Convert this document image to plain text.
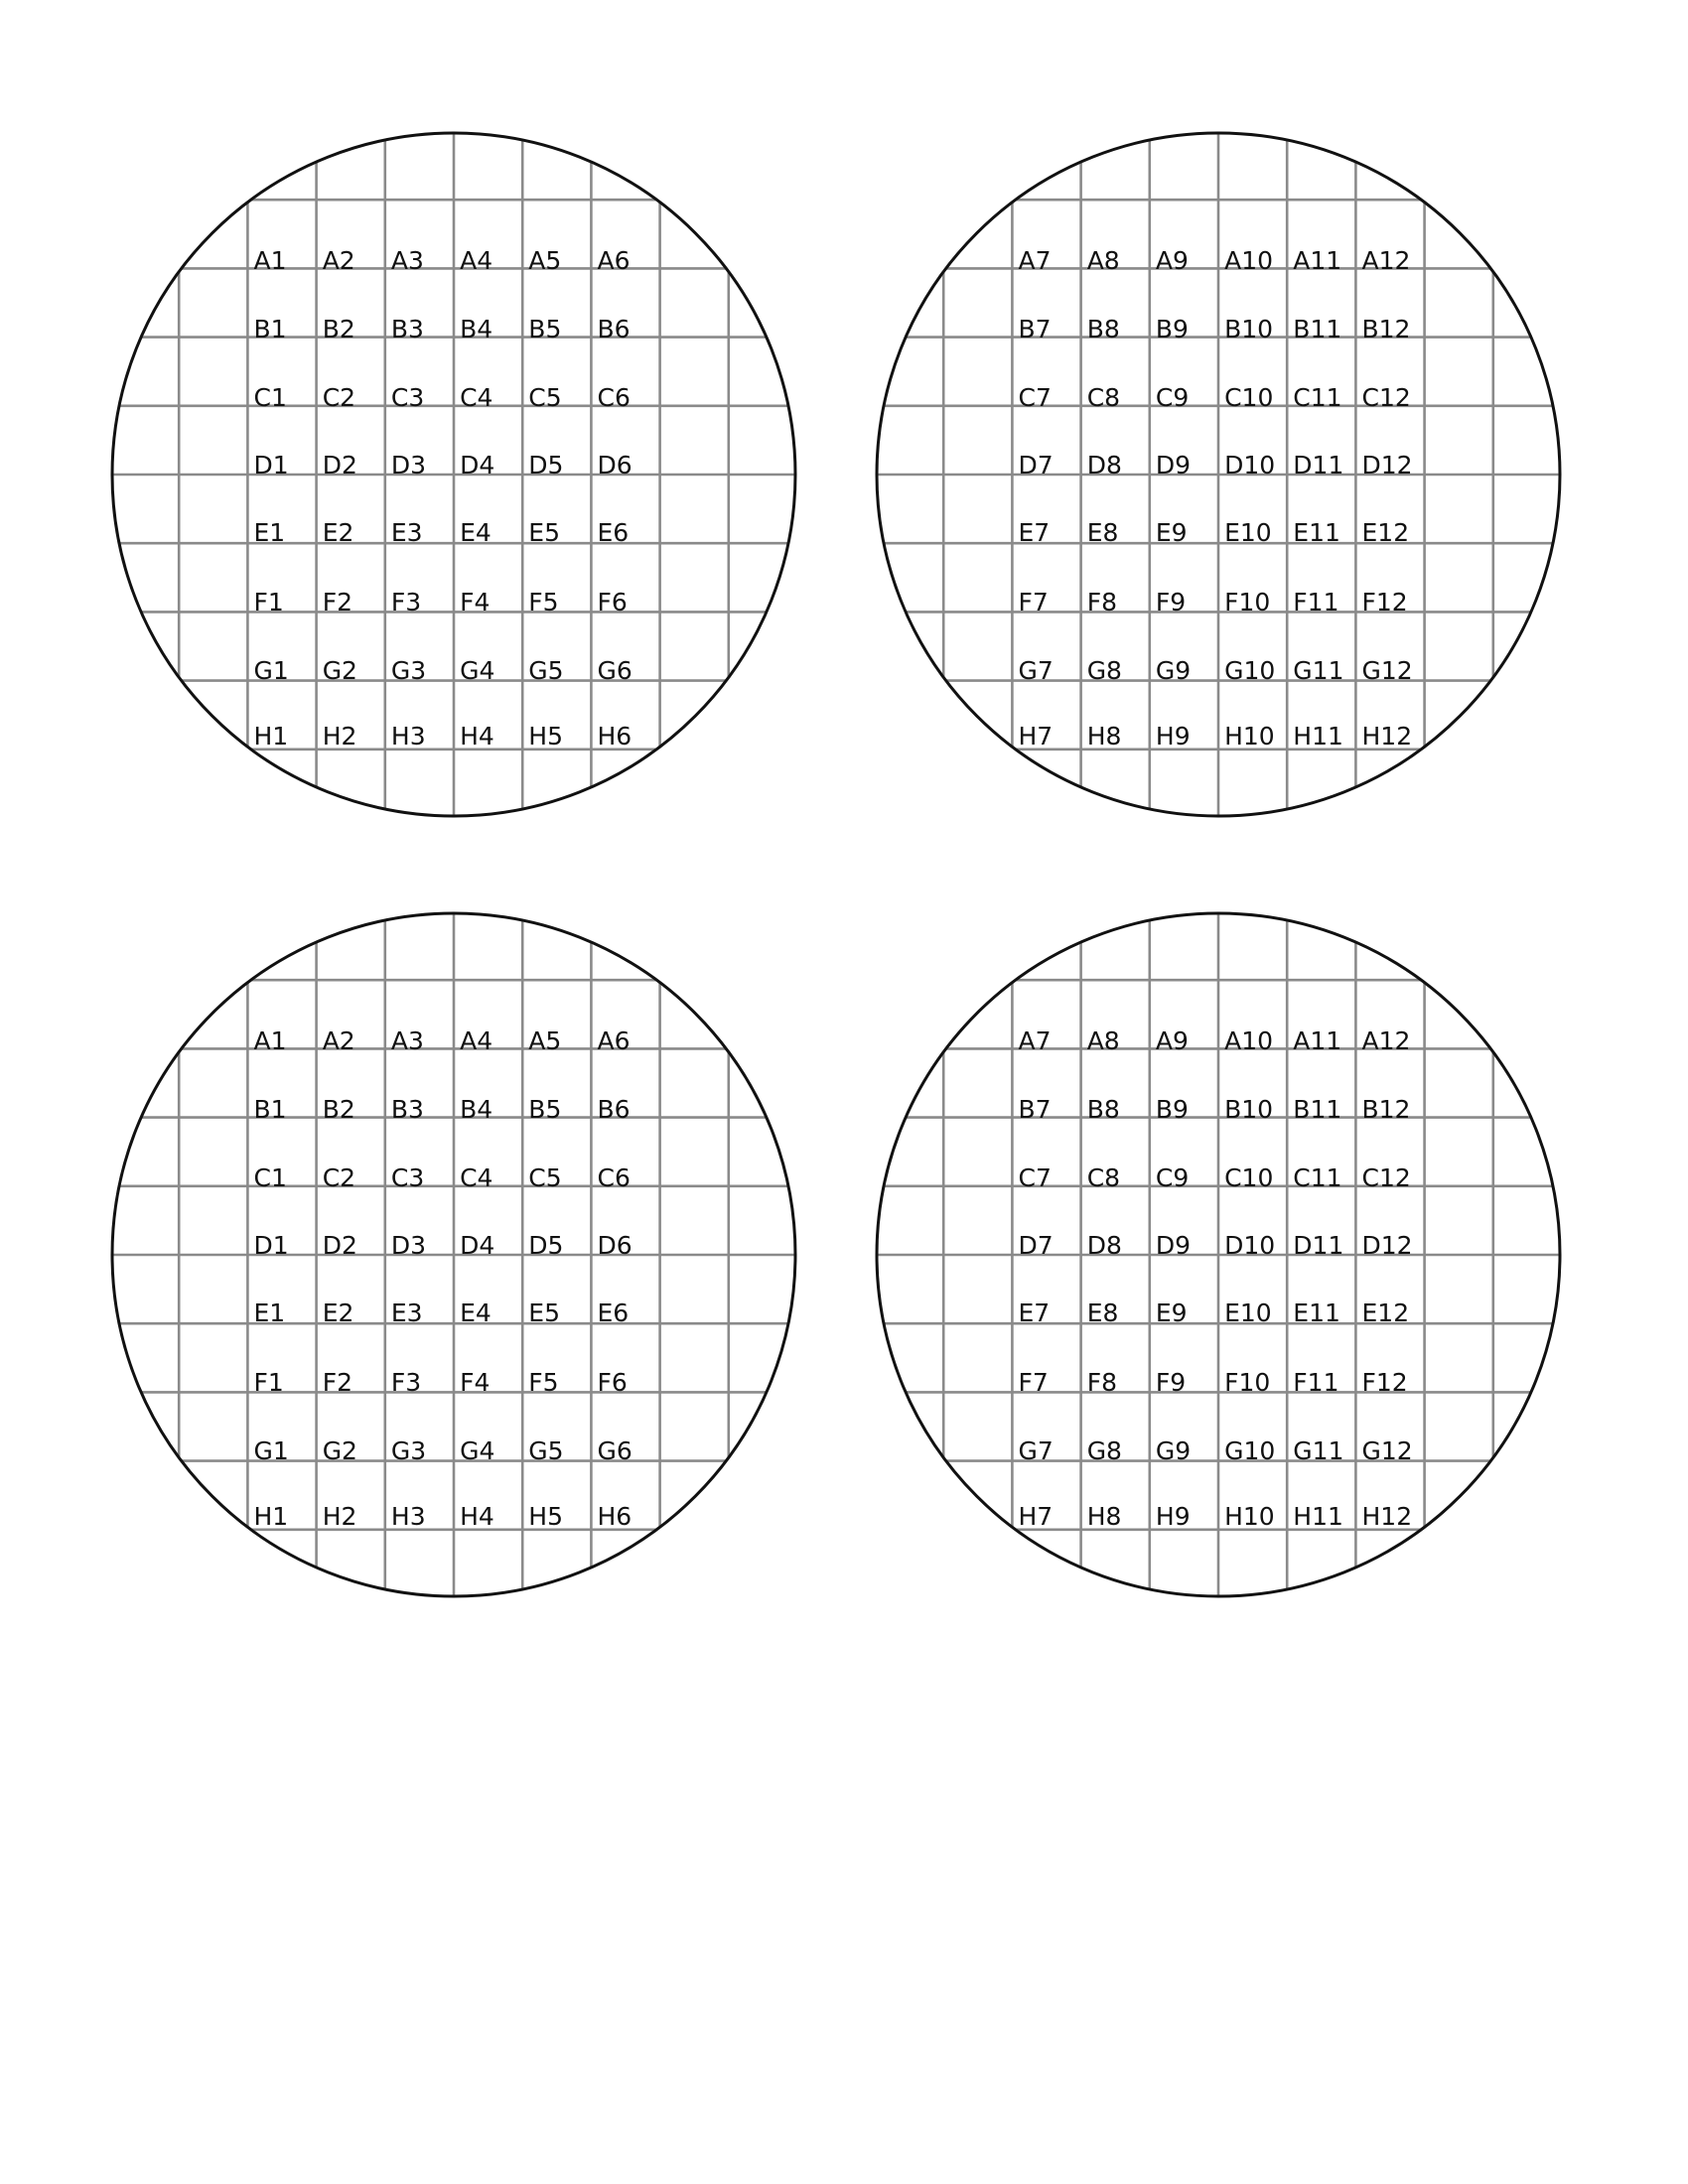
A1 A2 A3 A4 A5 A6
B1 B2 B3 B4 B5 B6
C1 C2 C3 C4 C5 C6
D1 D2 D3 D4 D5 D6
E1 E2 E3 E4 E5 E6
F1 F2 F3 F4 F5 F6
G1 G2 G3 G4 G5 G6
H1 H2 H3 H4 H5 H6
A7 A8 A9 A10 A11 A12
B7 B8 B9 B10 B11 B12
C7 C8 C9 C10 C11 C12
D7 D8 D9 D10 D11 D12
E7 E8 E9 E10 E11 E12
F7 F8 F9 F10 F11 F12
G7 G8 G9 G10 G11 G12
H7 H8 H9 H10 H11 H12
A1 A2 A3 A4 A5 A6
B1 B2 B3 B4 B5 B6
C1 C2 C3 C4 C5 C6
D1 D2 D3 D4 D5 D6
E1 E2 E3 E4 E5 E6
F1 F2 F3 F4 F5 F6
G1 G2 G3 G4 G5 G6
H1 H2 H3 H4 H5 H6
A7 A8 A9 A10 A11 A12
B7 B8 B9 B10 B11 B12
C7 C8 C9 C10 C11 C12
D7 D8 D9 D10 D11 D12
E7 E8 E9 E10 E11 E12
F7 F8 F9 F10 F11 F12
G7 G8 G9 G10 G11 G12
H7 H8 H9 H10 H11 H12
